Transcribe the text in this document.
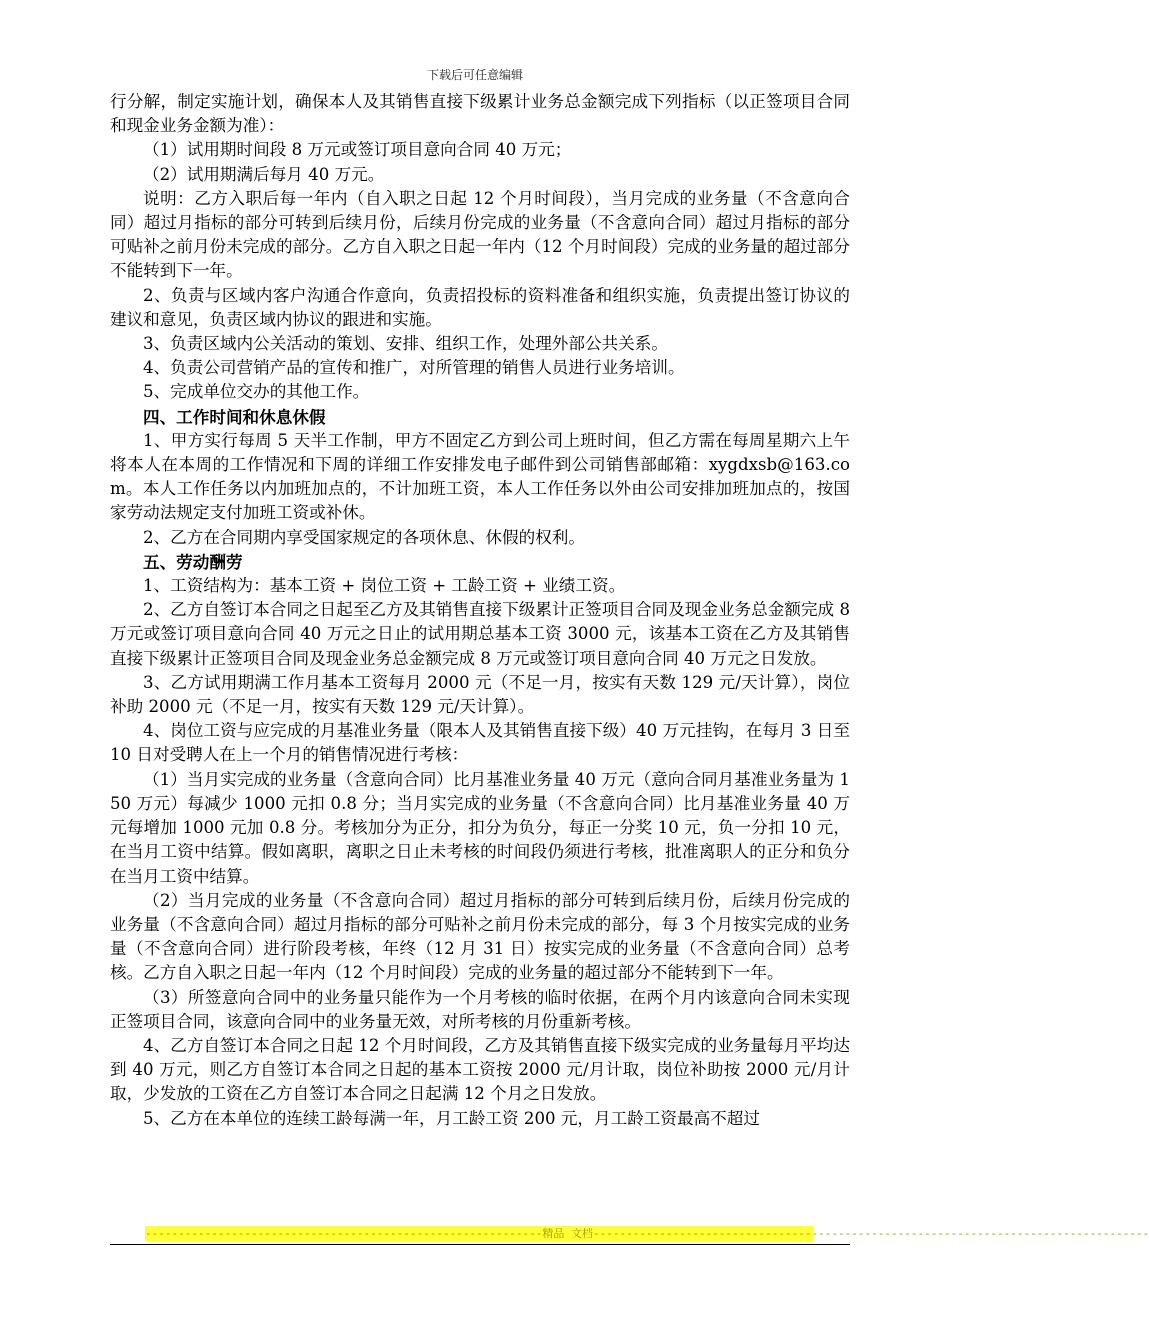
下载后可任意编辑

行分解，制定实施计划，确保本人及其销售直接下级累计业务总金额完成下列指标（以正签项目合同和现金业务金额为准）：

（1）试用期时间段 8 万元或签订项目意向合同 40 万元；

（2）试用期满后每月 40 万元。

说明：乙方入职后每一年内（自入职之日起 12 个月时间段），当月完成的业务量（不含意向合同）超过月指标的部分可转到后续月份，后续月份完成的业务量（不含意向合同）超过月指标的部分可贴补之前月份未完成的部分。乙方自入职之日起一年内（12 个月时间段）完成的业务量的超过部分不能转到下一年。

2、负责与区域内客户沟通合作意向，负责招投标的资料准备和组织实施，负责提出签订协议的建议和意见，负责区域内协议的跟进和实施。

3、负责区域内公关活动的策划、安排、组织工作，处理外部公共关系。

4、负责公司营销产品的宣传和推广，对所管理的销售人员进行业务培训。

5、完成单位交办的其他工作。

四、工作时间和休息休假

1、甲方实行每周 5 天半工作制，甲方不固定乙方到公司上班时间，但乙方需在每周星期六上午将本人在本周的工作情况和下周的详细工作安排发电子邮件到公司销售部邮箱：xygdxsb@163.com。本人工作任务以内加班加点的，不计加班工资，本人工作任务以外由公司安排加班加点的，按国家劳动法规定支付加班工资或补休。

2、乙方在合同期内享受国家规定的各项休息、休假的权利。

五、劳动酬劳

1、工资结构为：基本工资 + 岗位工资 + 工龄工资 + 业绩工资。

2、乙方自签订本合同之日起至乙方及其销售直接下级累计正签项目合同及现金业务总金额完成 8 万元或签订项目意向合同 40 万元之日止的试用期总基本工资 3000 元，该基本工资在乙方及其销售直接下级累计正签项目合同及现金业务总金额完成 8 万元或签订项目意向合同 40 万元之日发放。

3、乙方试用期满工作月基本工资每月 2000 元（不足一月，按实有天数 129 元/天计算），岗位补助 2000 元（不足一月，按实有天数 129 元/天计算）。

4、岗位工资与应完成的月基准业务量（限本人及其销售直接下级）40 万元挂钩，在每月 3 日至 10 日对受聘人在上一个月的销售情况进行考核：

（1）当月实完成的业务量（含意向合同）比月基准业务量 40 万元（意向合同月基准业务量为 150 万元）每减少 1000 元扣 0.8 分；当月实完成的业务量（不含意向合同）比月基准业务量 40 万元每增加 1000 元加 0.8 分。考核加分为正分，扣分为负分，每正一分奖 10 元，负一分扣 10 元，在当月工资中结算。假如离职，离职之日止未考核的时间段仍须进行考核，批准离职人的正分和负分在当月工资中结算。

（2）当月完成的业务量（不含意向合同）超过月指标的部分可转到后续月份，后续月份完成的业务量（不含意向合同）超过月指标的部分可贴补之前月份未完成的部分，每 3 个月按实完成的业务量（不含意向合同）进行阶段考核，年终（12 月 31 日）按实完成的业务量（不含意向合同）总考核。乙方自入职之日起一年内（12 个月时间段）完成的业务量的超过部分不能转到下一年。

（3）所签意向合同中的业务量只能作为一个月考核的临时依据，在两个月内该意向合同未实现正签项目合同，该意向合同中的业务量无效，对所考核的月份重新考核。

4、乙方自签订本合同之日起 12 个月时间段，乙方及其销售直接下级实完成的业务量每月平均达到 40 万元，则乙方自签订本合同之日起的基本工资按 2000 元/月计取，岗位补助按 2000 元/月计取，少发放的工资在乙方自签订本合同之日起满 12 个月之日发放。

5、乙方在本单位的连续工龄每满一年，月工龄工资 200 元，月工龄工资最高不超过

------------------------------------------------------------精品 文档------------------------------------------------------------------------------------
